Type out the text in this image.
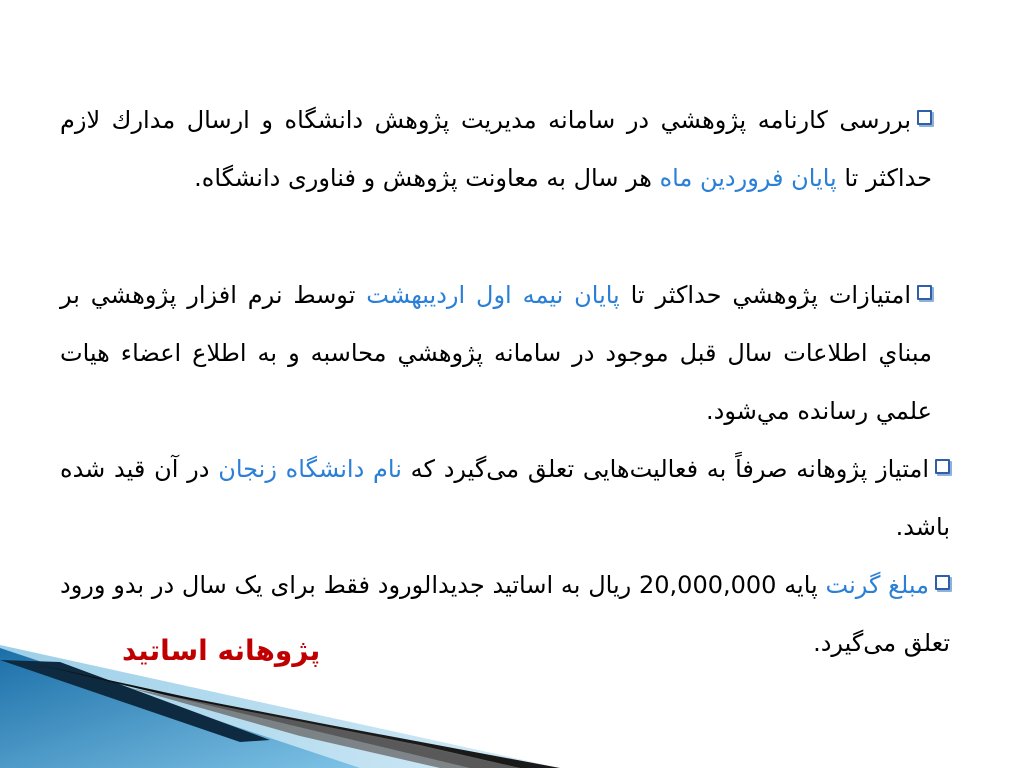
بررسی کارنامه پژوهشي در سامانه مدیریت پژوهش دانشگاه و ارسال مدارك لازم حداكثر تا پايان فروردين ماه هر سال به معاونت پژوهش و فناوری دانشگاه.
امتیازات پژوهشي حداكثر تا پايان نیمه اول ارديبهشت توسط نرم افزار پژوهشي بر مبناي اطلاعات سال قبل موجود در سامانه پژوهشي محاسبه و به اطلاع اعضاء هيات علمي رسانده مي‌شود.
امتیاز پژوهانه صرفاً به فعالیت‌هایی تعلق می‌گیرد که نام دانشگاه زنجان در آن قید شده باشد.
مبلغ گرنت پایه 20,000,000 ریال به اساتید جدیدالورود فقط برای یک سال در بدو ورود تعلق می‌گیرد.
پژوهانه اساتید
